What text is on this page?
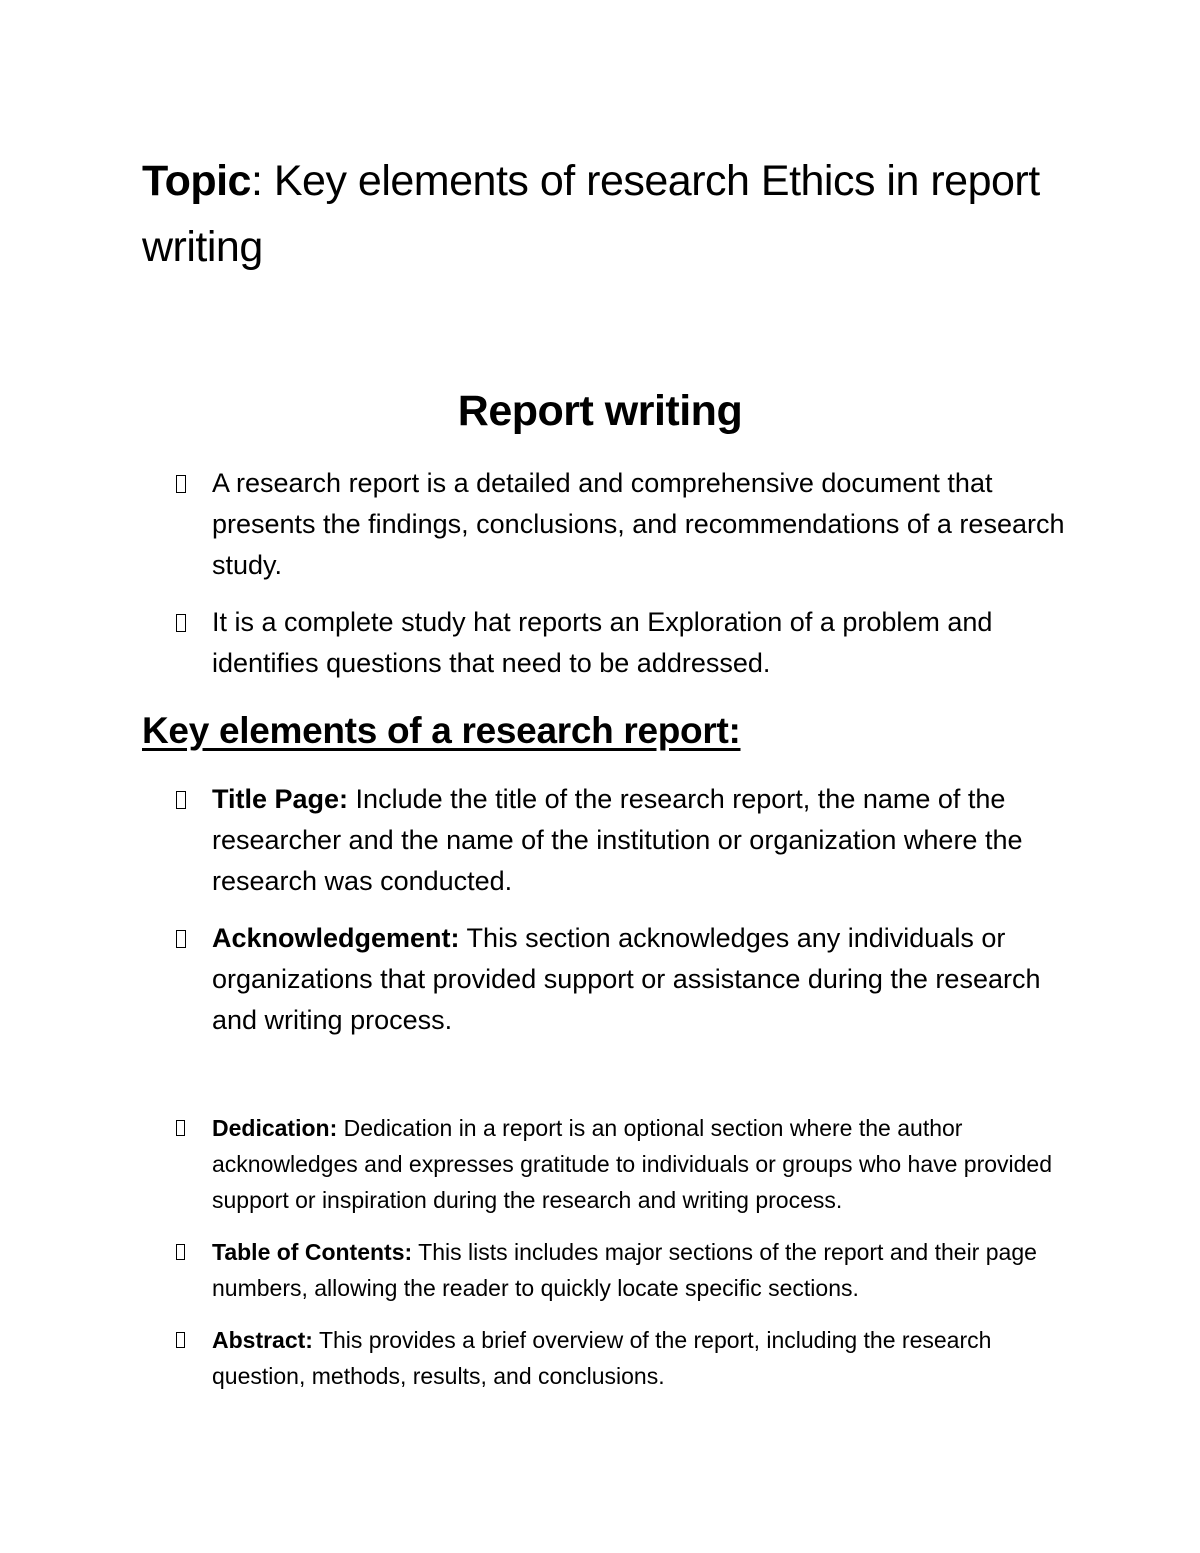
Topic: Key elements of research Ethics in report writing
Report writing
A research report is a detailed and comprehensive document that presents the findings, conclusions, and recommendations of a research study.
It is a complete study hat reports an Exploration of a problem and identifies questions that need to be addressed.
Key elements of a research report:
Title Page: Include the title of the research report, the name of the researcher and the name of the institution or organization where the research was conducted.
Acknowledgement: This section acknowledges any individuals or organizations that provided support or assistance during the research and writing process.
Dedication: Dedication in a report is an optional section where the author acknowledges and expresses gratitude to individuals or groups who have provided support or inspiration during the research and writing process.
Table of Contents: This lists includes major sections of the report and their page numbers, allowing the reader to quickly locate specific sections.
Abstract: This provides a brief overview of the report, including the research question, methods, results, and conclusions.
